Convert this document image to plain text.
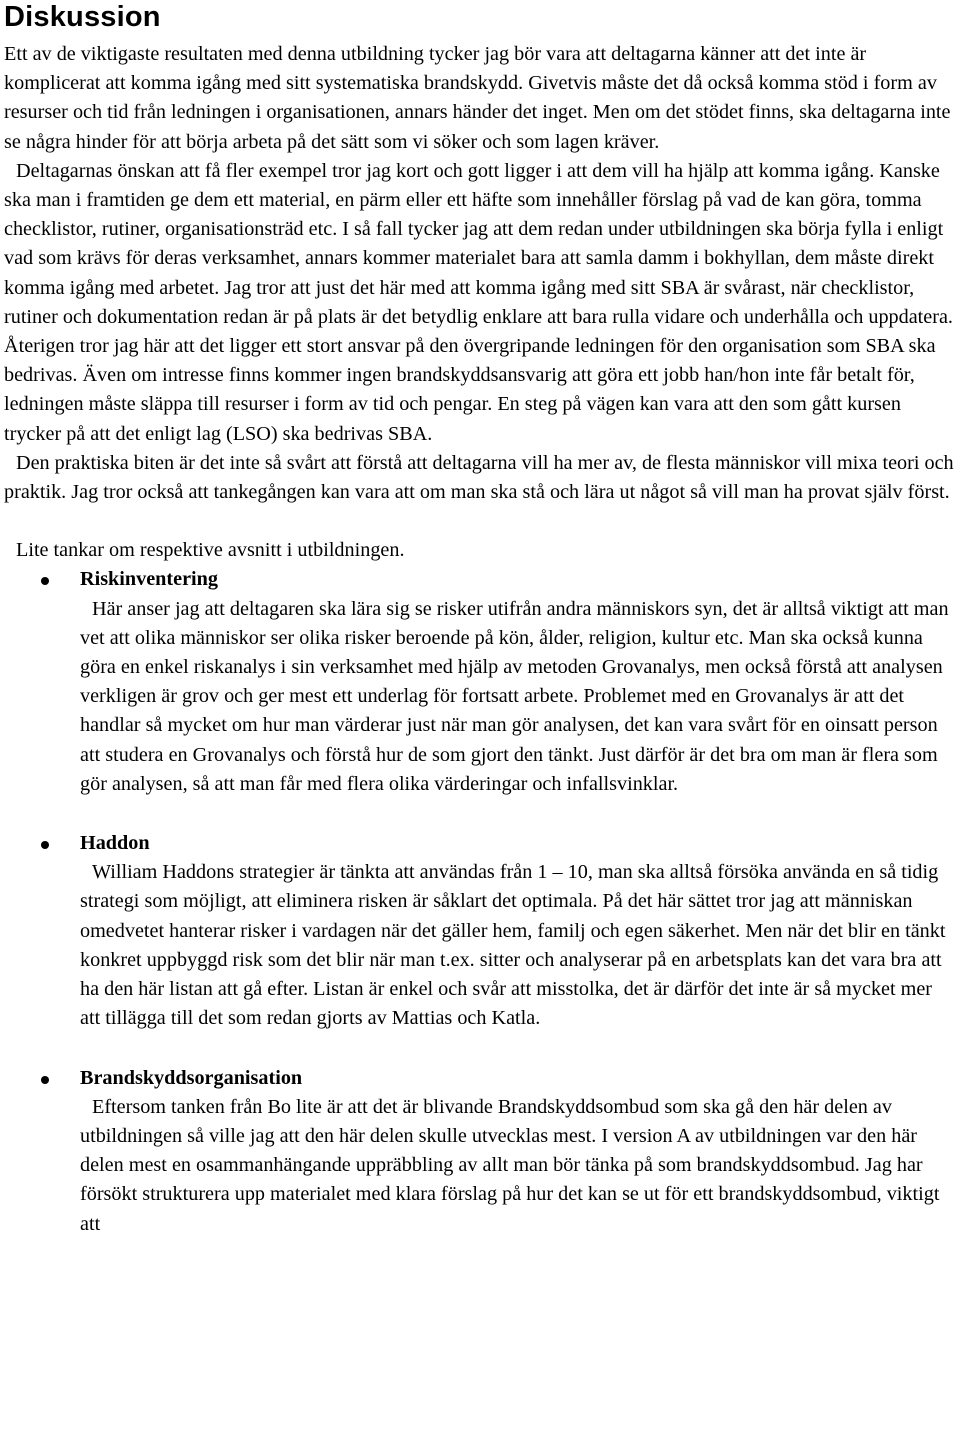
Diskussion

Ett av de viktigaste resultaten med denna utbildning tycker jag bör vara att deltagarna känner att det inte är komplicerat att komma igång med sitt systematiska brandskydd. Givetvis måste det då också komma stöd i form av resurser och tid från ledningen i organisationen, annars händer det inget. Men om det stödet finns, ska deltagarna inte se några hinder för att börja arbeta på det sätt som vi söker och som lagen kräver.

Deltagarnas önskan att få fler exempel tror jag kort och gott ligger i att dem vill ha hjälp att komma igång. Kanske ska man i framtiden ge dem ett material, en pärm eller ett häfte som innehåller förslag på vad de kan göra, tomma checklistor, rutiner, organisationsträd etc. I så fall tycker jag att dem redan under utbildningen ska börja fylla i enligt vad som krävs för deras verksamhet, annars kommer materialet bara att samla damm i bokhyllan, dem måste direkt komma igång med arbetet. Jag tror att just det här med att komma igång med sitt SBA är svårast, när checklistor, rutiner och dokumentation redan är på plats är det betydlig enklare att bara rulla vidare och underhålla och uppdatera. Återigen tror jag här att det ligger ett stort ansvar på den övergripande ledningen för den organisation som SBA ska bedrivas. Även om intresse finns kommer ingen brandskyddsansvarig att göra ett jobb han/hon inte får betalt för, ledningen måste släppa till resurser i form av tid och pengar. En steg på vägen kan vara att den som gått kursen trycker på att det enligt lag (LSO) ska bedrivas SBA.

Den praktiska biten är det inte så svårt att förstå att deltagarna vill ha mer av, de flesta människor vill mixa teori och praktik. Jag tror också att tankegången kan vara att om man ska stå och lära ut något så vill man ha provat själv först.

Lite tankar om respektive avsnitt i utbildningen.

Riskinventering

Här anser jag att deltagaren ska lära sig se risker utifrån andra människors syn, det är alltså viktigt att man vet att olika människor ser olika risker beroende på kön, ålder, religion, kultur etc. Man ska också kunna göra en enkel riskanalys i sin verksamhet med hjälp av metoden Grovanalys, men också förstå att analysen verkligen är grov och ger mest ett underlag för fortsatt arbete. Problemet med en Grovanalys är att det handlar så mycket om hur man värderar just när man gör analysen, det kan vara svårt för en oinsatt person att studera en Grovanalys och förstå hur de som gjort den tänkt. Just därför är det bra om man är flera som gör analysen, så att man får med flera olika värderingar och infallsvinklar.

Haddon

William Haddons strategier är tänkta att användas från 1 – 10, man ska alltså försöka använda en så tidig strategi som möjligt, att eliminera risken är såklart det optimala. På det här sättet tror jag att människan omedvetet hanterar risker i vardagen när det gäller hem, familj och egen säkerhet. Men när det blir en tänkt konkret uppbyggd risk som det blir när man t.ex. sitter och analyserar på en arbetsplats kan det vara bra att ha den här listan att gå efter. Listan är enkel och svår att misstolka, det är därför det inte är så mycket mer att tillägga till det som redan gjorts av Mattias och Katla.

Brandskyddsorganisation

Eftersom tanken från Bo lite är att det är blivande Brandskyddsombud som ska gå den här delen av utbildningen så ville jag att den här delen skulle utvecklas mest. I version A av utbildningen var den här delen mest en osammanhängande uppräbbling av allt man bör tänka på som brandskyddsombud. Jag har försökt strukturera upp materialet med klara förslag på hur det kan se ut för ett brandskyddsombud, viktigt att
